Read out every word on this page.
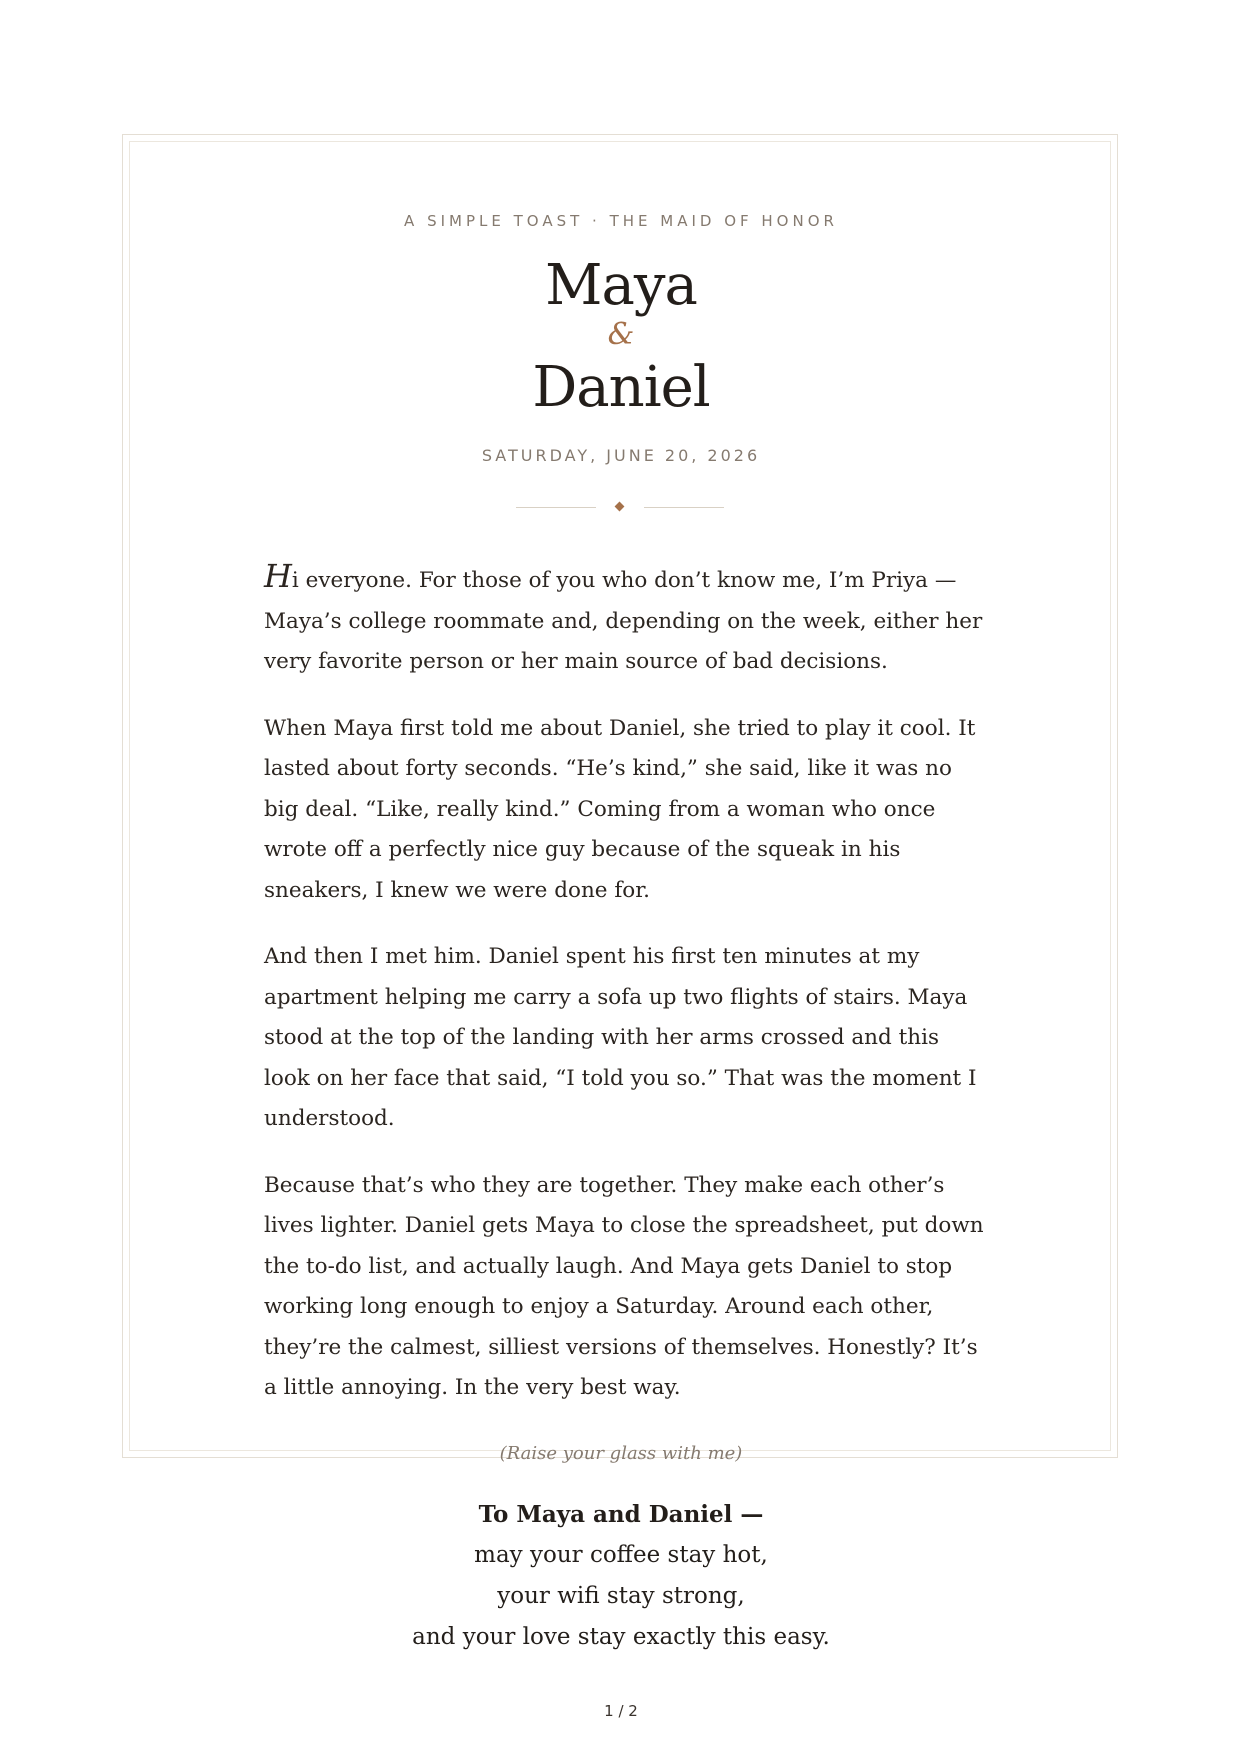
A SIMPLE TOAST · THE MAID OF HONOR
Maya
&
Daniel
SATURDAY, JUNE 20, 2026

Hi everyone. For those of you who don’t know me, I’m Priya — Maya’s college roommate and, depending on the week, either her very favorite person or her main source of bad decisions.

When Maya first told me about Daniel, she tried to play it cool. It lasted about forty seconds. “He’s kind,” she said, like it was no big deal. “Like, really kind.” Coming from a woman who once wrote off a perfectly nice guy because of the squeak in his sneakers, I knew we were done for.

And then I met him. Daniel spent his first ten minutes at my apartment helping me carry a sofa up two flights of stairs. Maya stood at the top of the landing with her arms crossed and this look on her face that said, “I told you so.” That was the moment I understood.

Because that’s who they are together. They make each other’s lives lighter. Daniel gets Maya to close the spreadsheet, put down the to-do list, and actually laugh. And Maya gets Daniel to stop working long enough to enjoy a Saturday. Around each other, they’re the calmest, silliest versions of themselves. Honestly? It’s a little annoying. In the very best way.

(Raise your glass with me)
To Maya and Daniel —
may your coffee stay hot,
your wifi stay strong,
and your love stay exactly this easy.
1 / 2
